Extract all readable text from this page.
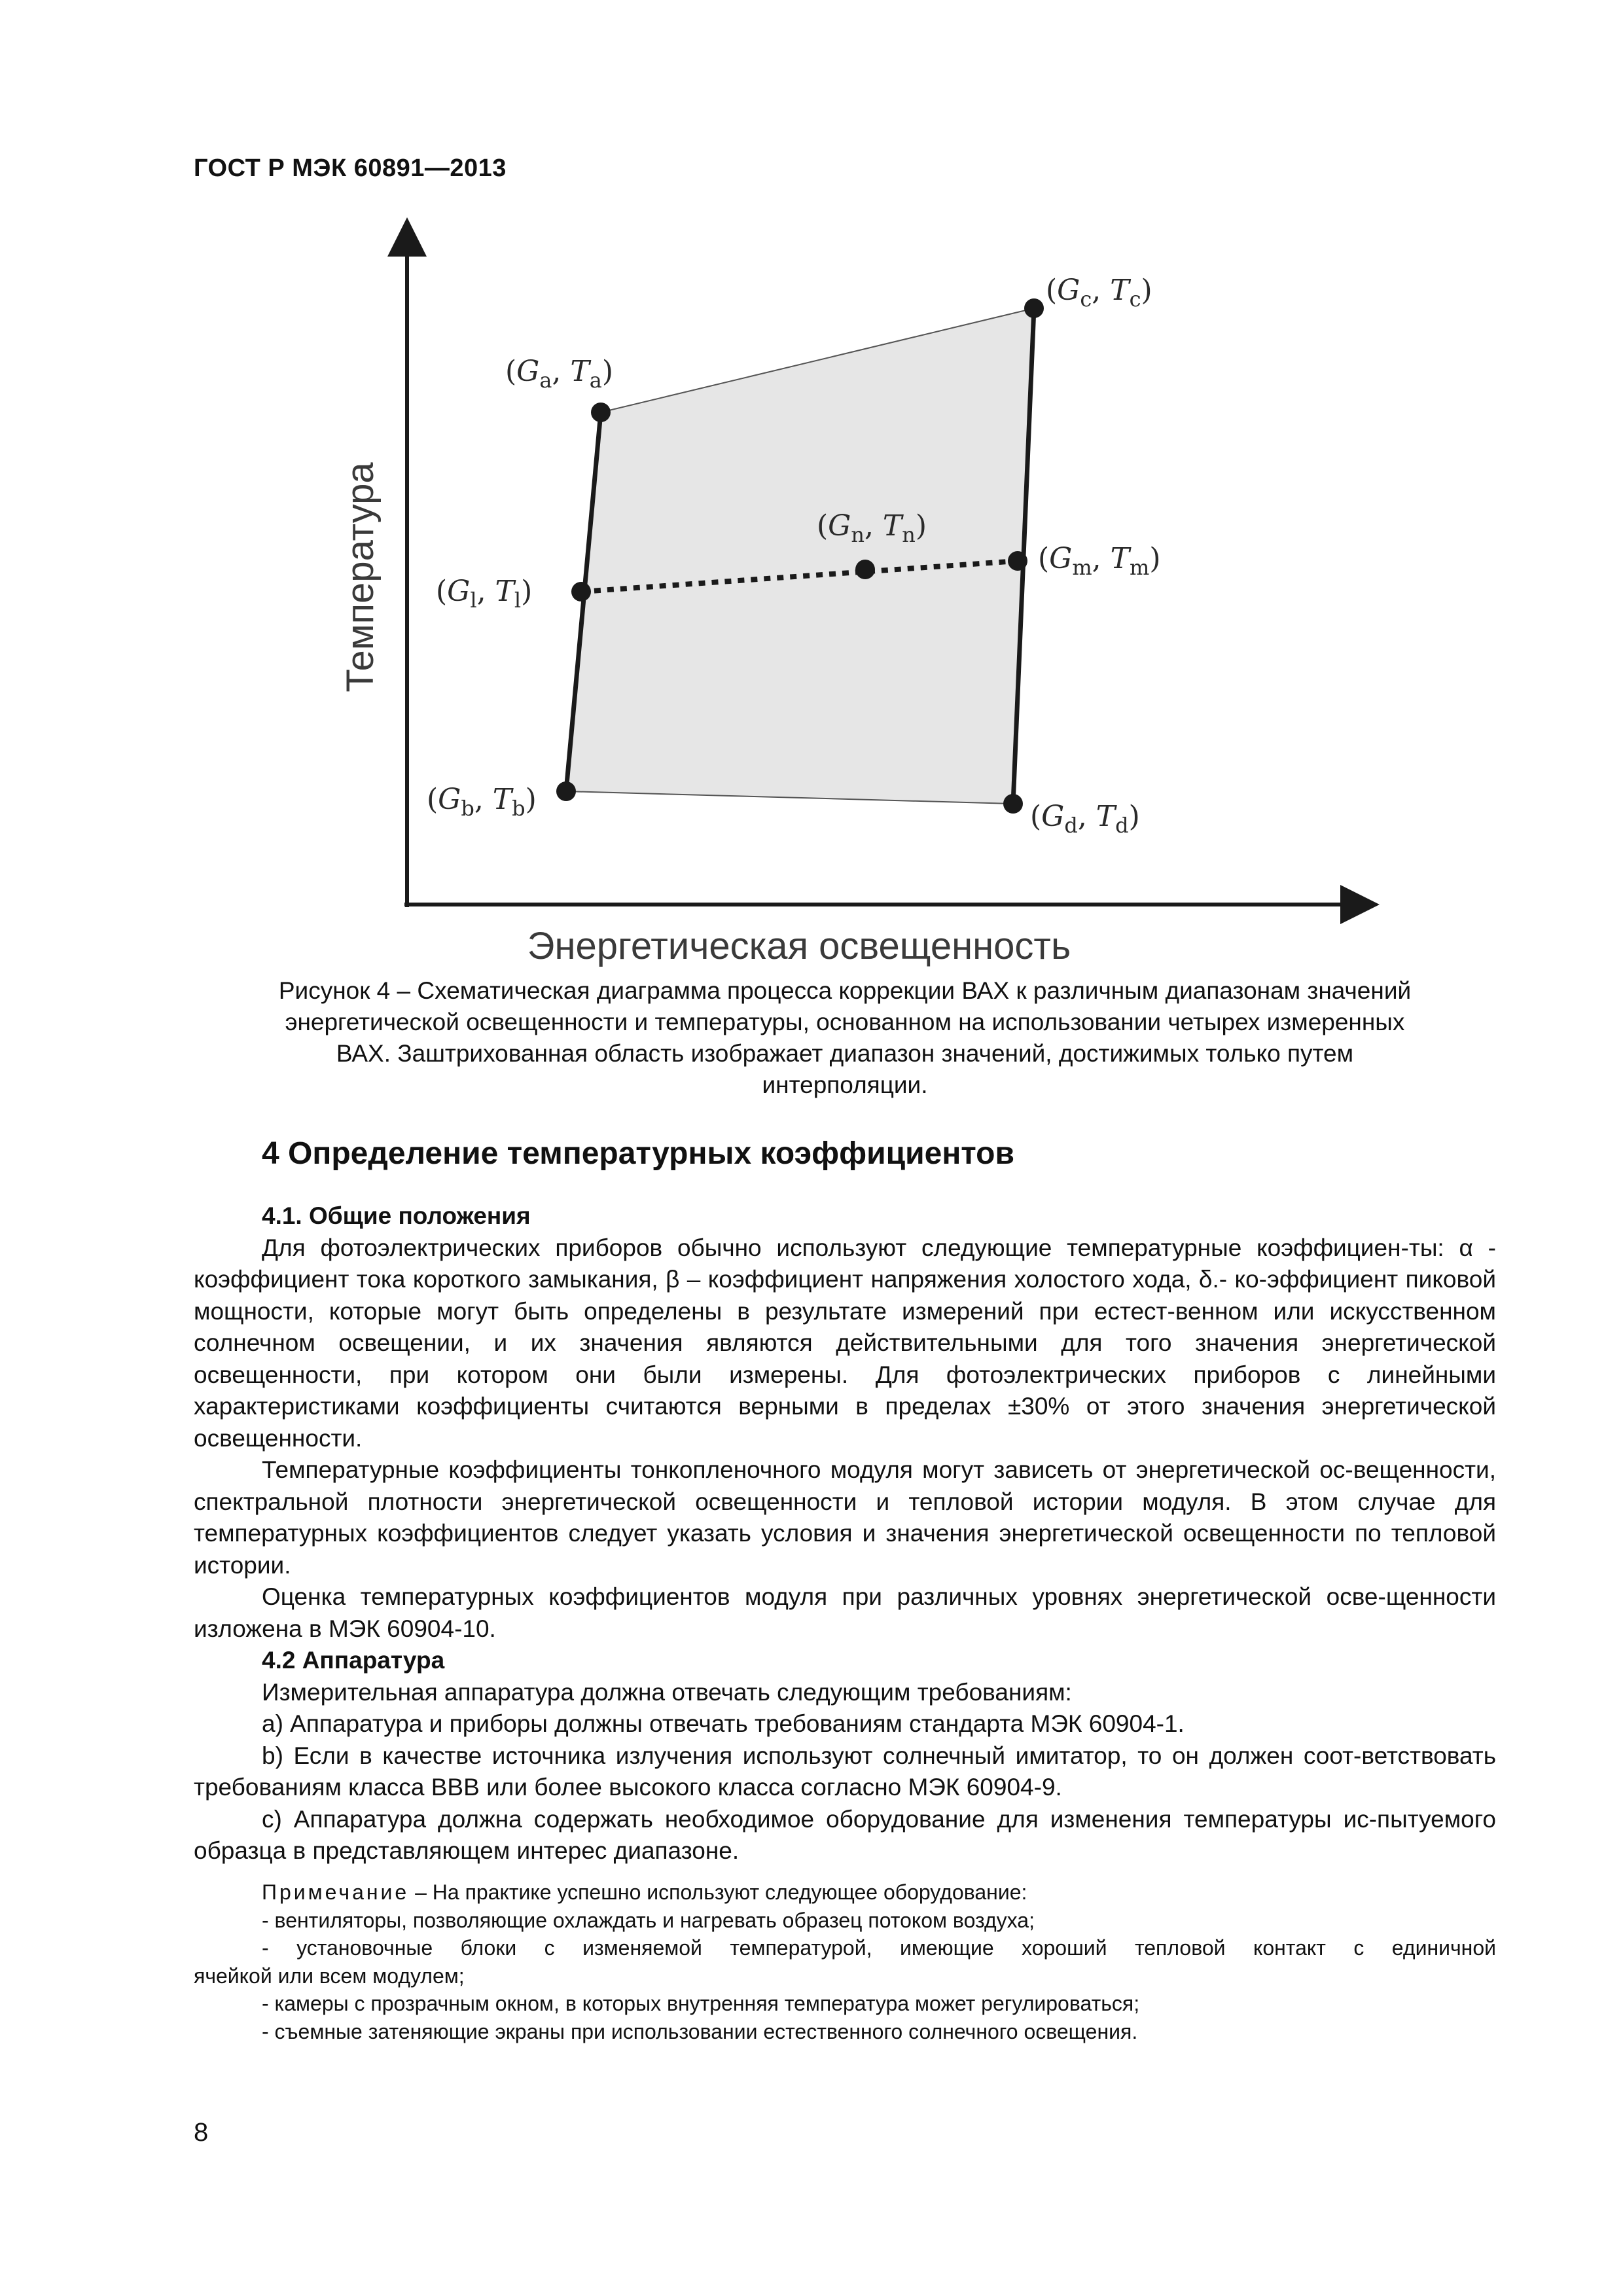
ГОСТ Р МЭК 60891—2013
($G_a$, $T_a$)
($G_c$, $T_c$)
($G_l$, $T_l$)
($G_n$, $T_n$)
($G_m$, $T_m$)
($G_b$, $T_b$)
($G_d$, $T_d$)
Температура
Энергетическая освещенность
Рисунок 4 – Схематическая диаграмма процесса коррекции ВАХ к различным диапазонам значений
энергетической освещенности и температуры, основанном на использовании четырех измеренных
ВАХ. Заштрихованная область изображает диапазон значений, достижимых только путем
интерполяции.
4 Определение температурных коэффициентов

4.1. Общие положения

Для фотоэлектрических приборов обычно используют следующие температурные коэффициен-ты: α - коэффициент тока короткого замыкания, β – коэффициент напряжения холостого хода, δ.- ко-эффициент пиковой мощности, которые могут быть определены в результате измерений при естест-венном или искусственном солнечном освещении, и их значения являются действительными для того значения энергетической освещенности, при котором они были измерены. Для фотоэлектрических приборов с линейными характеристиками коэффициенты считаются верными в пределах ±30% от этого значения энергетической освещенности.

Температурные коэффициенты тонкопленочного модуля могут зависеть от энергетической ос-вещенности, спектральной плотности энергетической освещенности и тепловой истории модуля. В этом случае для температурных коэффициентов следует указать условия и значения энергетической освещенности по тепловой истории.

Оценка температурных коэффициентов модуля при различных уровнях энергетической осве-щенности изложена в МЭК 60904-10.

4.2 Аппаратура

Измерительная аппаратура должна отвечать следующим требованиям:

а) Аппаратура и приборы должны отвечать требованиям стандарта МЭК 60904-1.

b) Если в качестве источника излучения используют солнечный имитатор, то он должен соот-ветствовать требованиям класса ВВВ или более высокого класса согласно МЭК 60904-9.

c) Аппаратура должна содержать необходимое оборудование для изменения температуры ис-пытуемого образца в представляющем интерес диапазоне.

Примечание – На практике успешно используют следующее оборудование:

- вентиляторы, позволяющие охлаждать и нагревать образец потоком воздуха;

- установочные блоки с изменяемой температурой, имеющие хороший тепловой контакт с единичной

ячейкой или всем модулем;

- камеры с прозрачным окном, в которых внутренняя температура может регулироваться;

- съемные затеняющие экраны при использовании естественного солнечного освещения.

8
